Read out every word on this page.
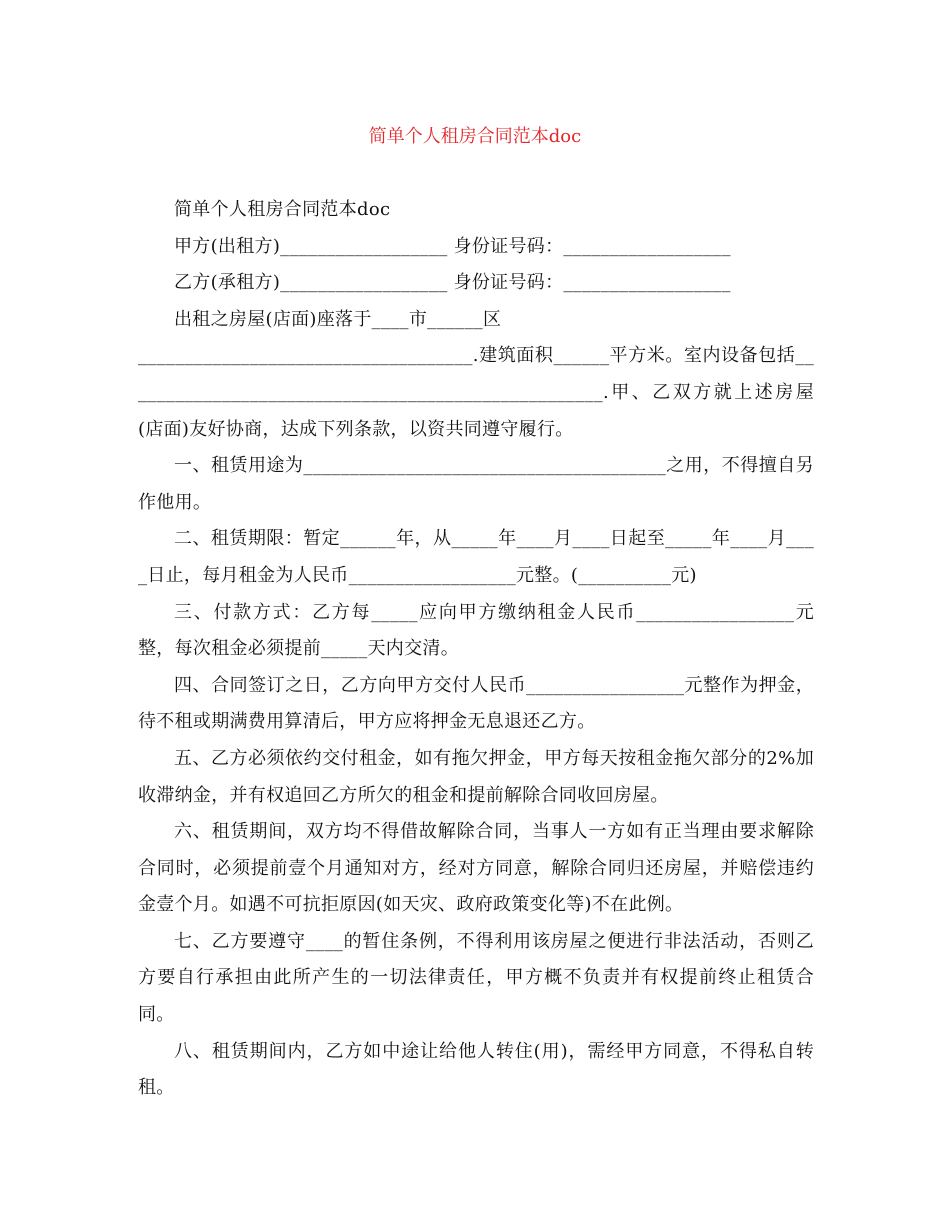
简单个人租房合同范本doc

简单个人租房合同范本doc

甲方(出租方)__________________ 身份证号码：__________________

乙方(承租方)__________________ 身份证号码：__________________

出租之房屋(店面)座落于____市______区

____________________________________.建筑面积______平方米。室内设备包括____________________________________________________.甲、乙双方就上述房屋(店面)友好协商，达成下列条款，以资共同遵守履行。

一、租赁用途为_______________________________________之用，不得擅自另作他用。

二、租赁期限：暂定______年，从_____年____月____日起至_____年____月____日止，每月租金为人民币__________________元整。(__________元)

三、付款方式：乙方每_____应向甲方缴纳租金人民币_________________元整，每次租金必须提前_____天内交清。

四、合同签订之日，乙方向甲方交付人民币_________________元整作为押金，待不租或期满费用算清后，甲方应将押金无息退还乙方。

五、乙方必须依约交付租金，如有拖欠押金，甲方每天按租金拖欠部分的2%加收滞纳金，并有权追回乙方所欠的租金和提前解除合同收回房屋。

六、租赁期间，双方均不得借故解除合同，当事人一方如有正当理由要求解除合同时，必须提前壹个月通知对方，经对方同意，解除合同归还房屋，并赔偿违约金壹个月。如遇不可抗拒原因(如天灾、政府政策变化等)不在此例。

七、乙方要遵守____的暂住条例，不得利用该房屋之便进行非法活动，否则乙方要自行承担由此所产生的一切法律责任，甲方概不负责并有权提前终止租赁合同。

八、租赁期间内，乙方如中途让给他人转住(用)，需经甲方同意，不得私自转租。
